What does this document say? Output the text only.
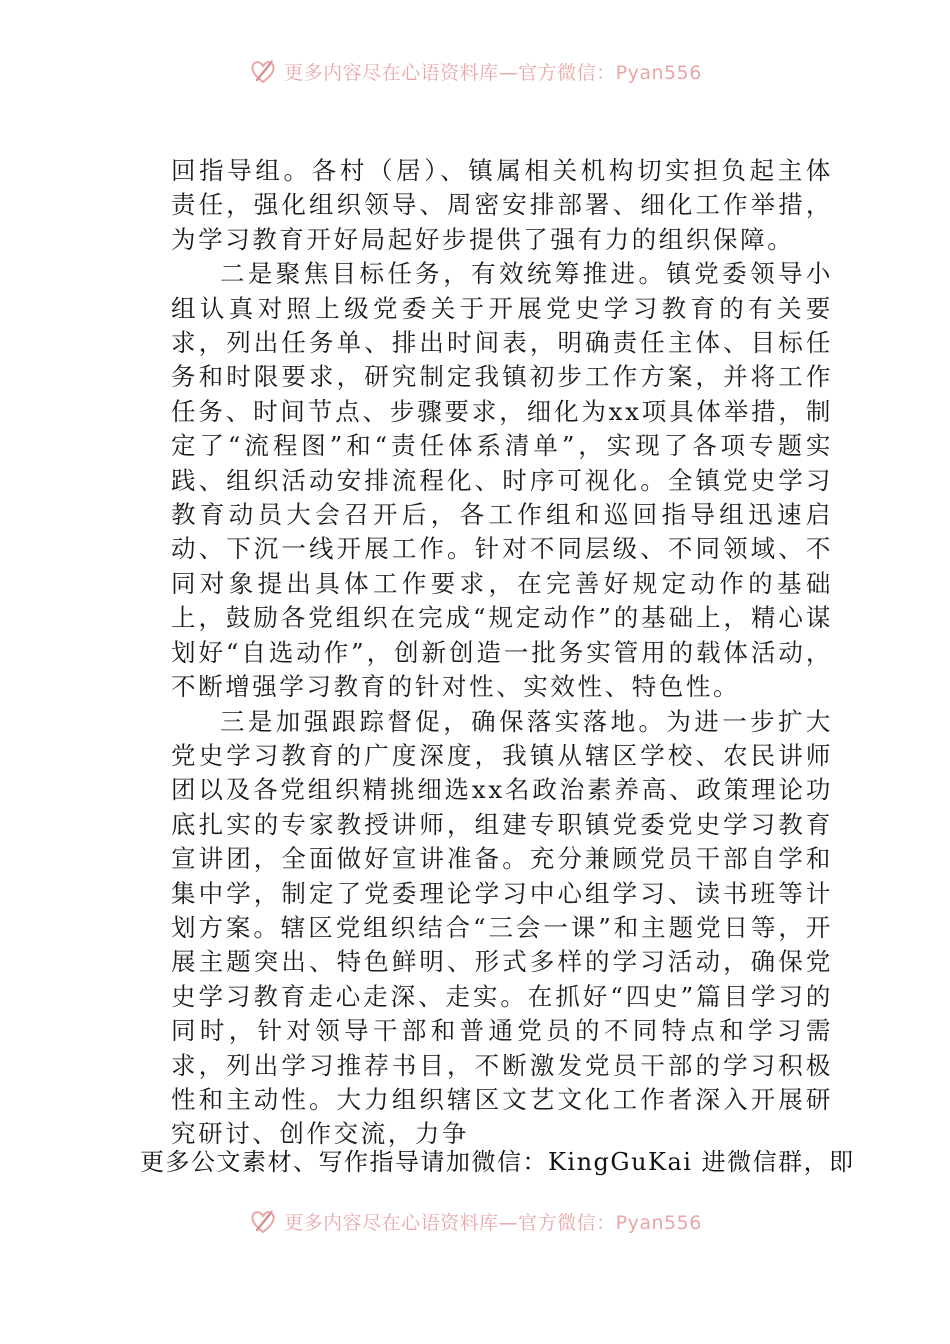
更多内容尽在心语资料库—官方微信：Pyan556

回指导组。各村（居）、镇属相关机构切实担负起主体责任，强化组织领导、周密安排部署、细化工作举措，为学习教育开好局起好步提供了强有力的组织保障。

二是聚焦目标任务，有效统筹推进。镇党委领导小组认真对照上级党委关于开展党史学习教育的有关要求，列出任务单、排出时间表，明确责任主体、目标任务和时限要求，研究制定我镇初步工作方案，并将工作任务、时间节点、步骤要求，细化为xx项具体举措，制定了“流程图”和“责任体系清单”，实现了各项专题实践、组织活动安排流程化、时序可视化。全镇党史学习教育动员大会召开后，各工作组和巡回指导组迅速启动、下沉一线开展工作。针对不同层级、不同领域、不同对象提出具体工作要求，在完善好规定动作的基础上，鼓励各党组织在完成“规定动作”的基础上，精心谋划好“自选动作”，创新创造一批务实管用的载体活动，不断增强学习教育的针对性、实效性、特色性。

三是加强跟踪督促，确保落实落地。为进一步扩大党史学习教育的广度深度，我镇从辖区学校、农民讲师团以及各党组织精挑细选xx名政治素养高、政策理论功底扎实的专家教授讲师，组建专职镇党委党史学习教育宣讲团，全面做好宣讲准备。充分兼顾党员干部自学和集中学，制定了党委理论学习中心组学习、读书班等计划方案。辖区党组织结合“三会一课”和主题党日等，开展主题突出、特色鲜明、形式多样的学习活动，确保党史学习教育走心走深、走实。在抓好“四史”篇目学习的同时，针对领导干部和普通党员的不同特点和学习需求，列出学习推荐书目，不断激发党员干部的学习积极性和主动性。大力组织辖区文艺文化工作者深入开展研究研讨、创作交流，力争

更多公文素材、写作指导请加微信：KingGuKai 进微信群，即
更多内容尽在心语资料库—官方微信：Pyan556
